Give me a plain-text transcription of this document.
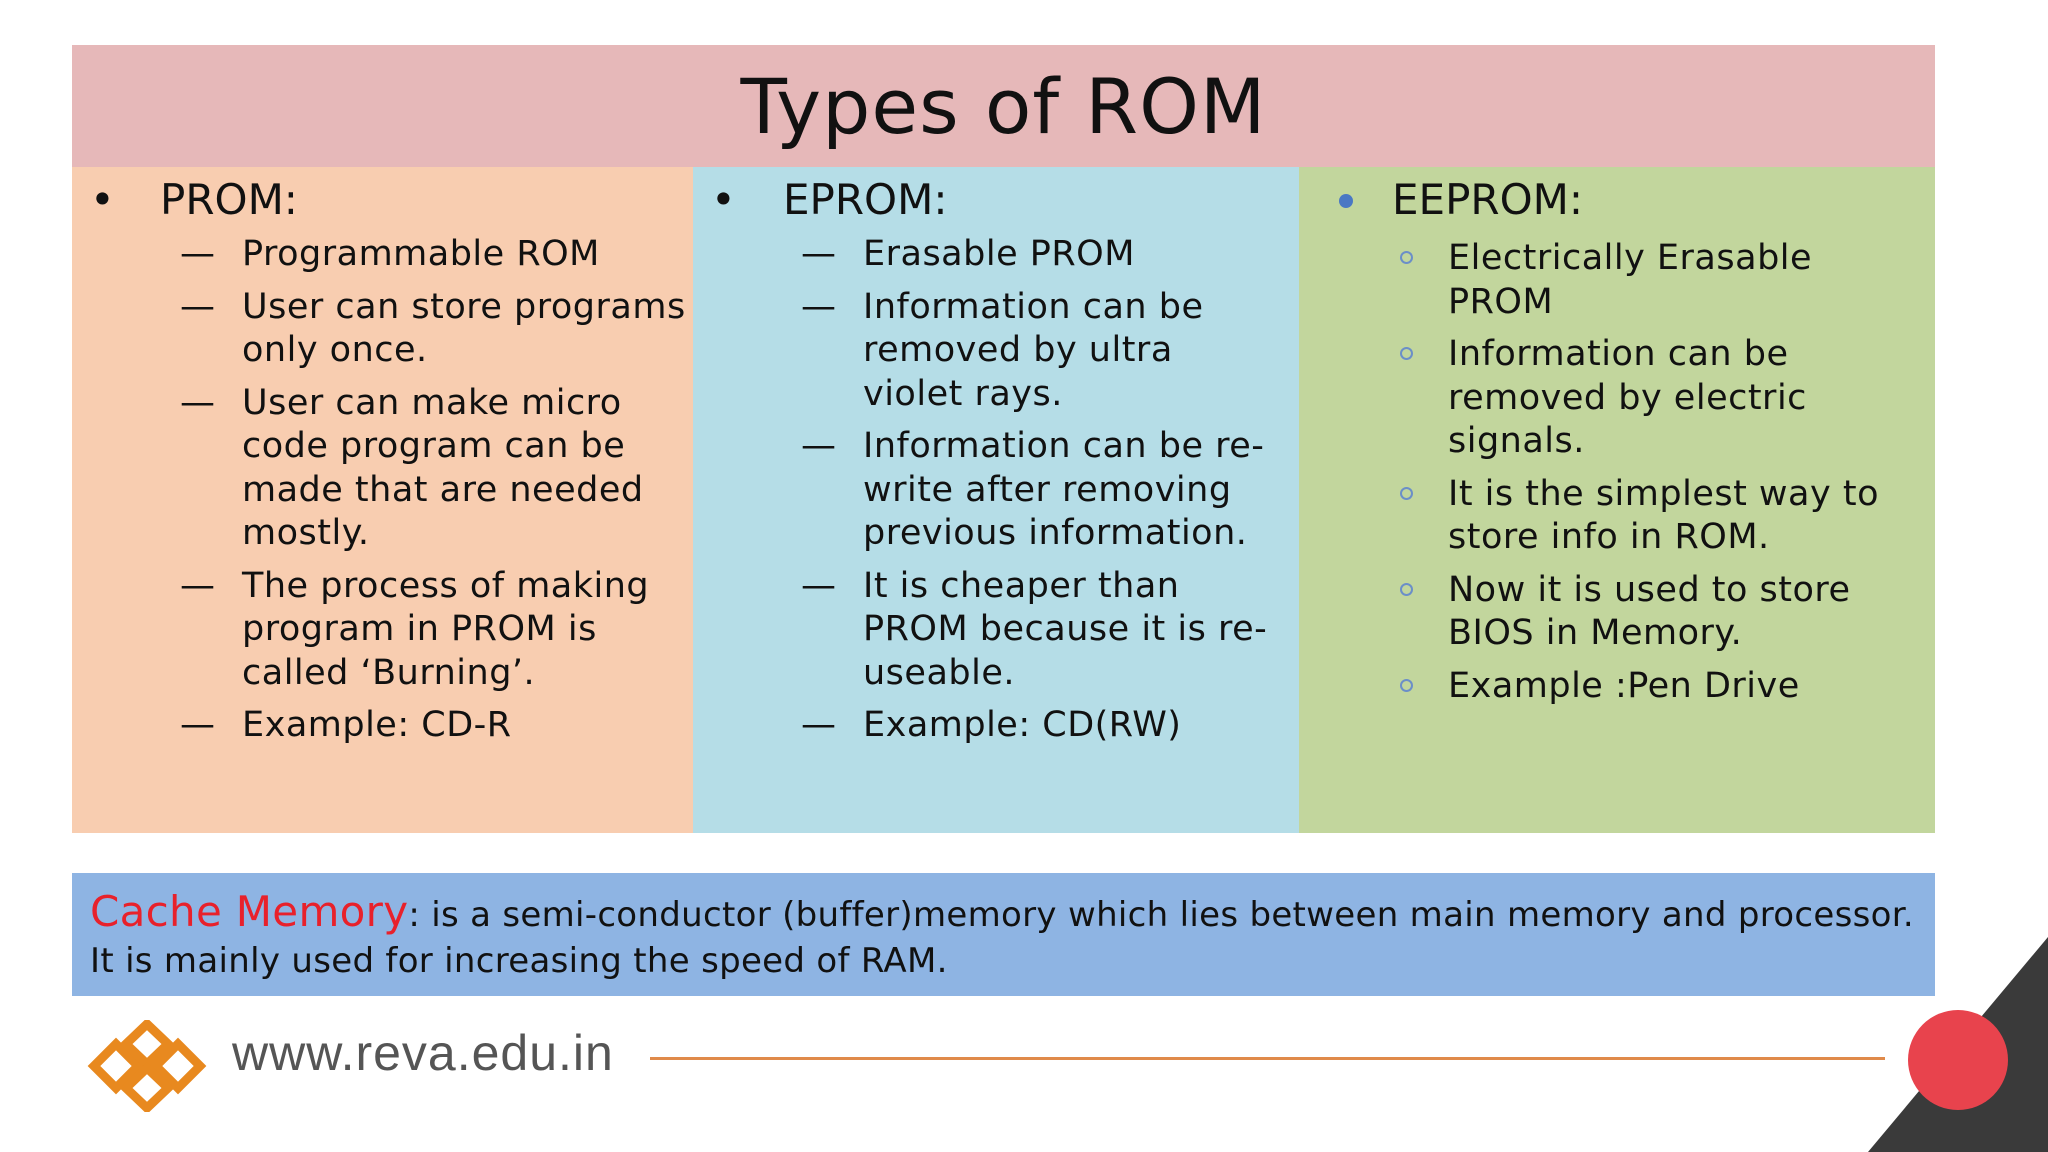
Types of ROM
• PROM:
— Programmable ROM
— User can store programs only once.
— User can make micro code program can be made that are needed mostly.
— The process of making program in PROM is called ‘Burning’.
— Example: CD-R
• EPROM:
— Erasable PROM
— Information can be removed by ultra violet rays.
— Information can be re-write after removing previous information.
— It is cheaper than PROM because it is re-useable.
— Example: CD(RW)
EEPROM:
Electrically Erasable PROM
Information can be removed by electric signals.
It is the simplest way to store info in ROM.
Now it is used to store BIOS in Memory.
Example :Pen Drive
Cache Memory: is a semi-conductor (buffer)memory which lies between main memory and processor. It is mainly used for increasing the speed of RAM.
www.reva.edu.in
